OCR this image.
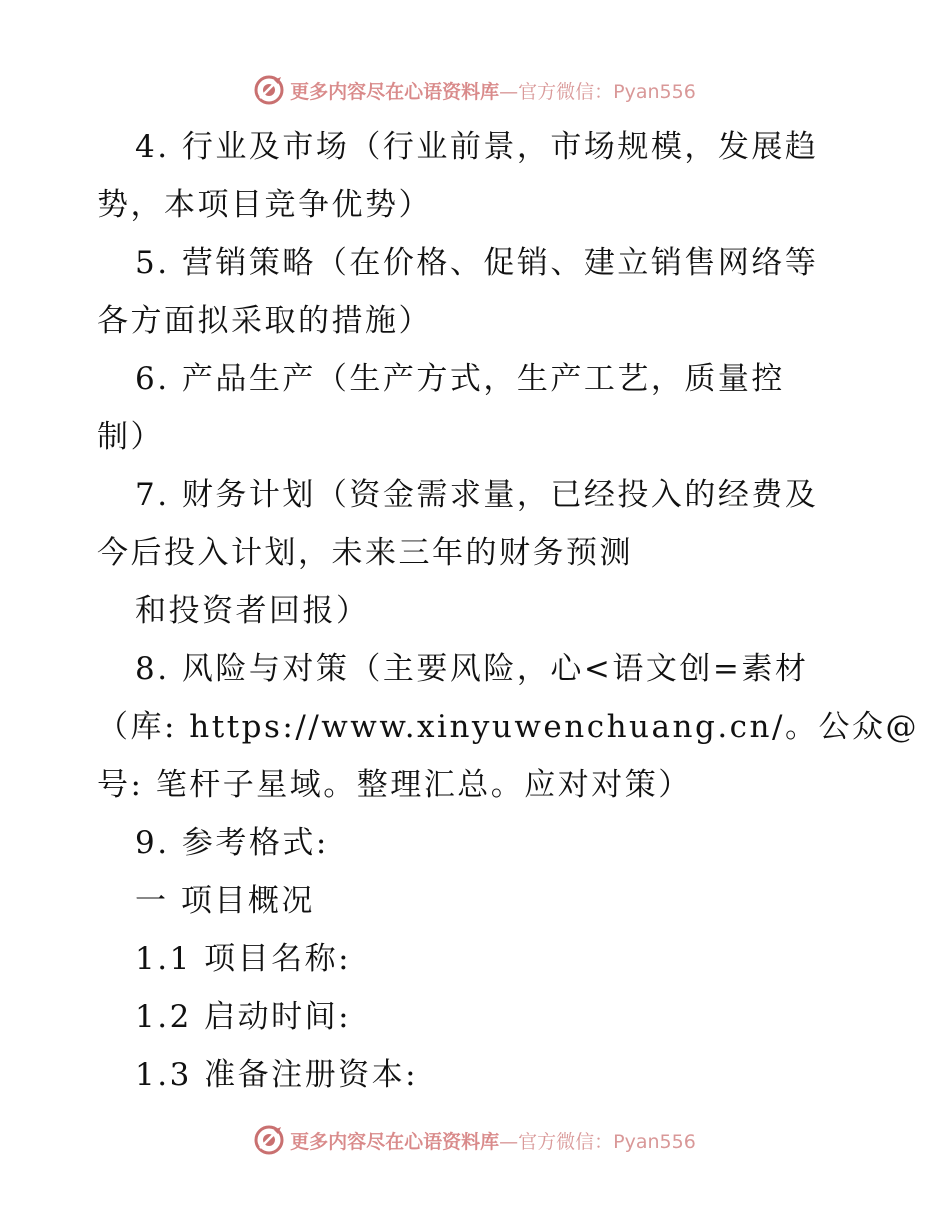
更多内容尽在心语资料库—官方微信：Pyan556
4. 行业及市场（行业前景，市场规模，发展趋
势，本项目竞争优势）
5. 营销策略（在价格、促销、建立销售网络等
各方面拟采取的措施）
6. 产品生产（生产方式，生产工艺，质量控
制）
7. 财务计划（资金需求量，已经投入的经费及
今后投入计划，未来三年的财务预测
和投资者回报）
8. 风险与对策（主要风险，心<语文创=素材
（库: https://www.xinyuwenchuang.cn/。公众@
号: 笔杆子星域。整理汇总。应对对策）
9. 参考格式:
一 项目概况
1.1 项目名称:
1.2 启动时间:
1.3 准备注册资本:
更多内容尽在心语资料库—官方微信：Pyan556
